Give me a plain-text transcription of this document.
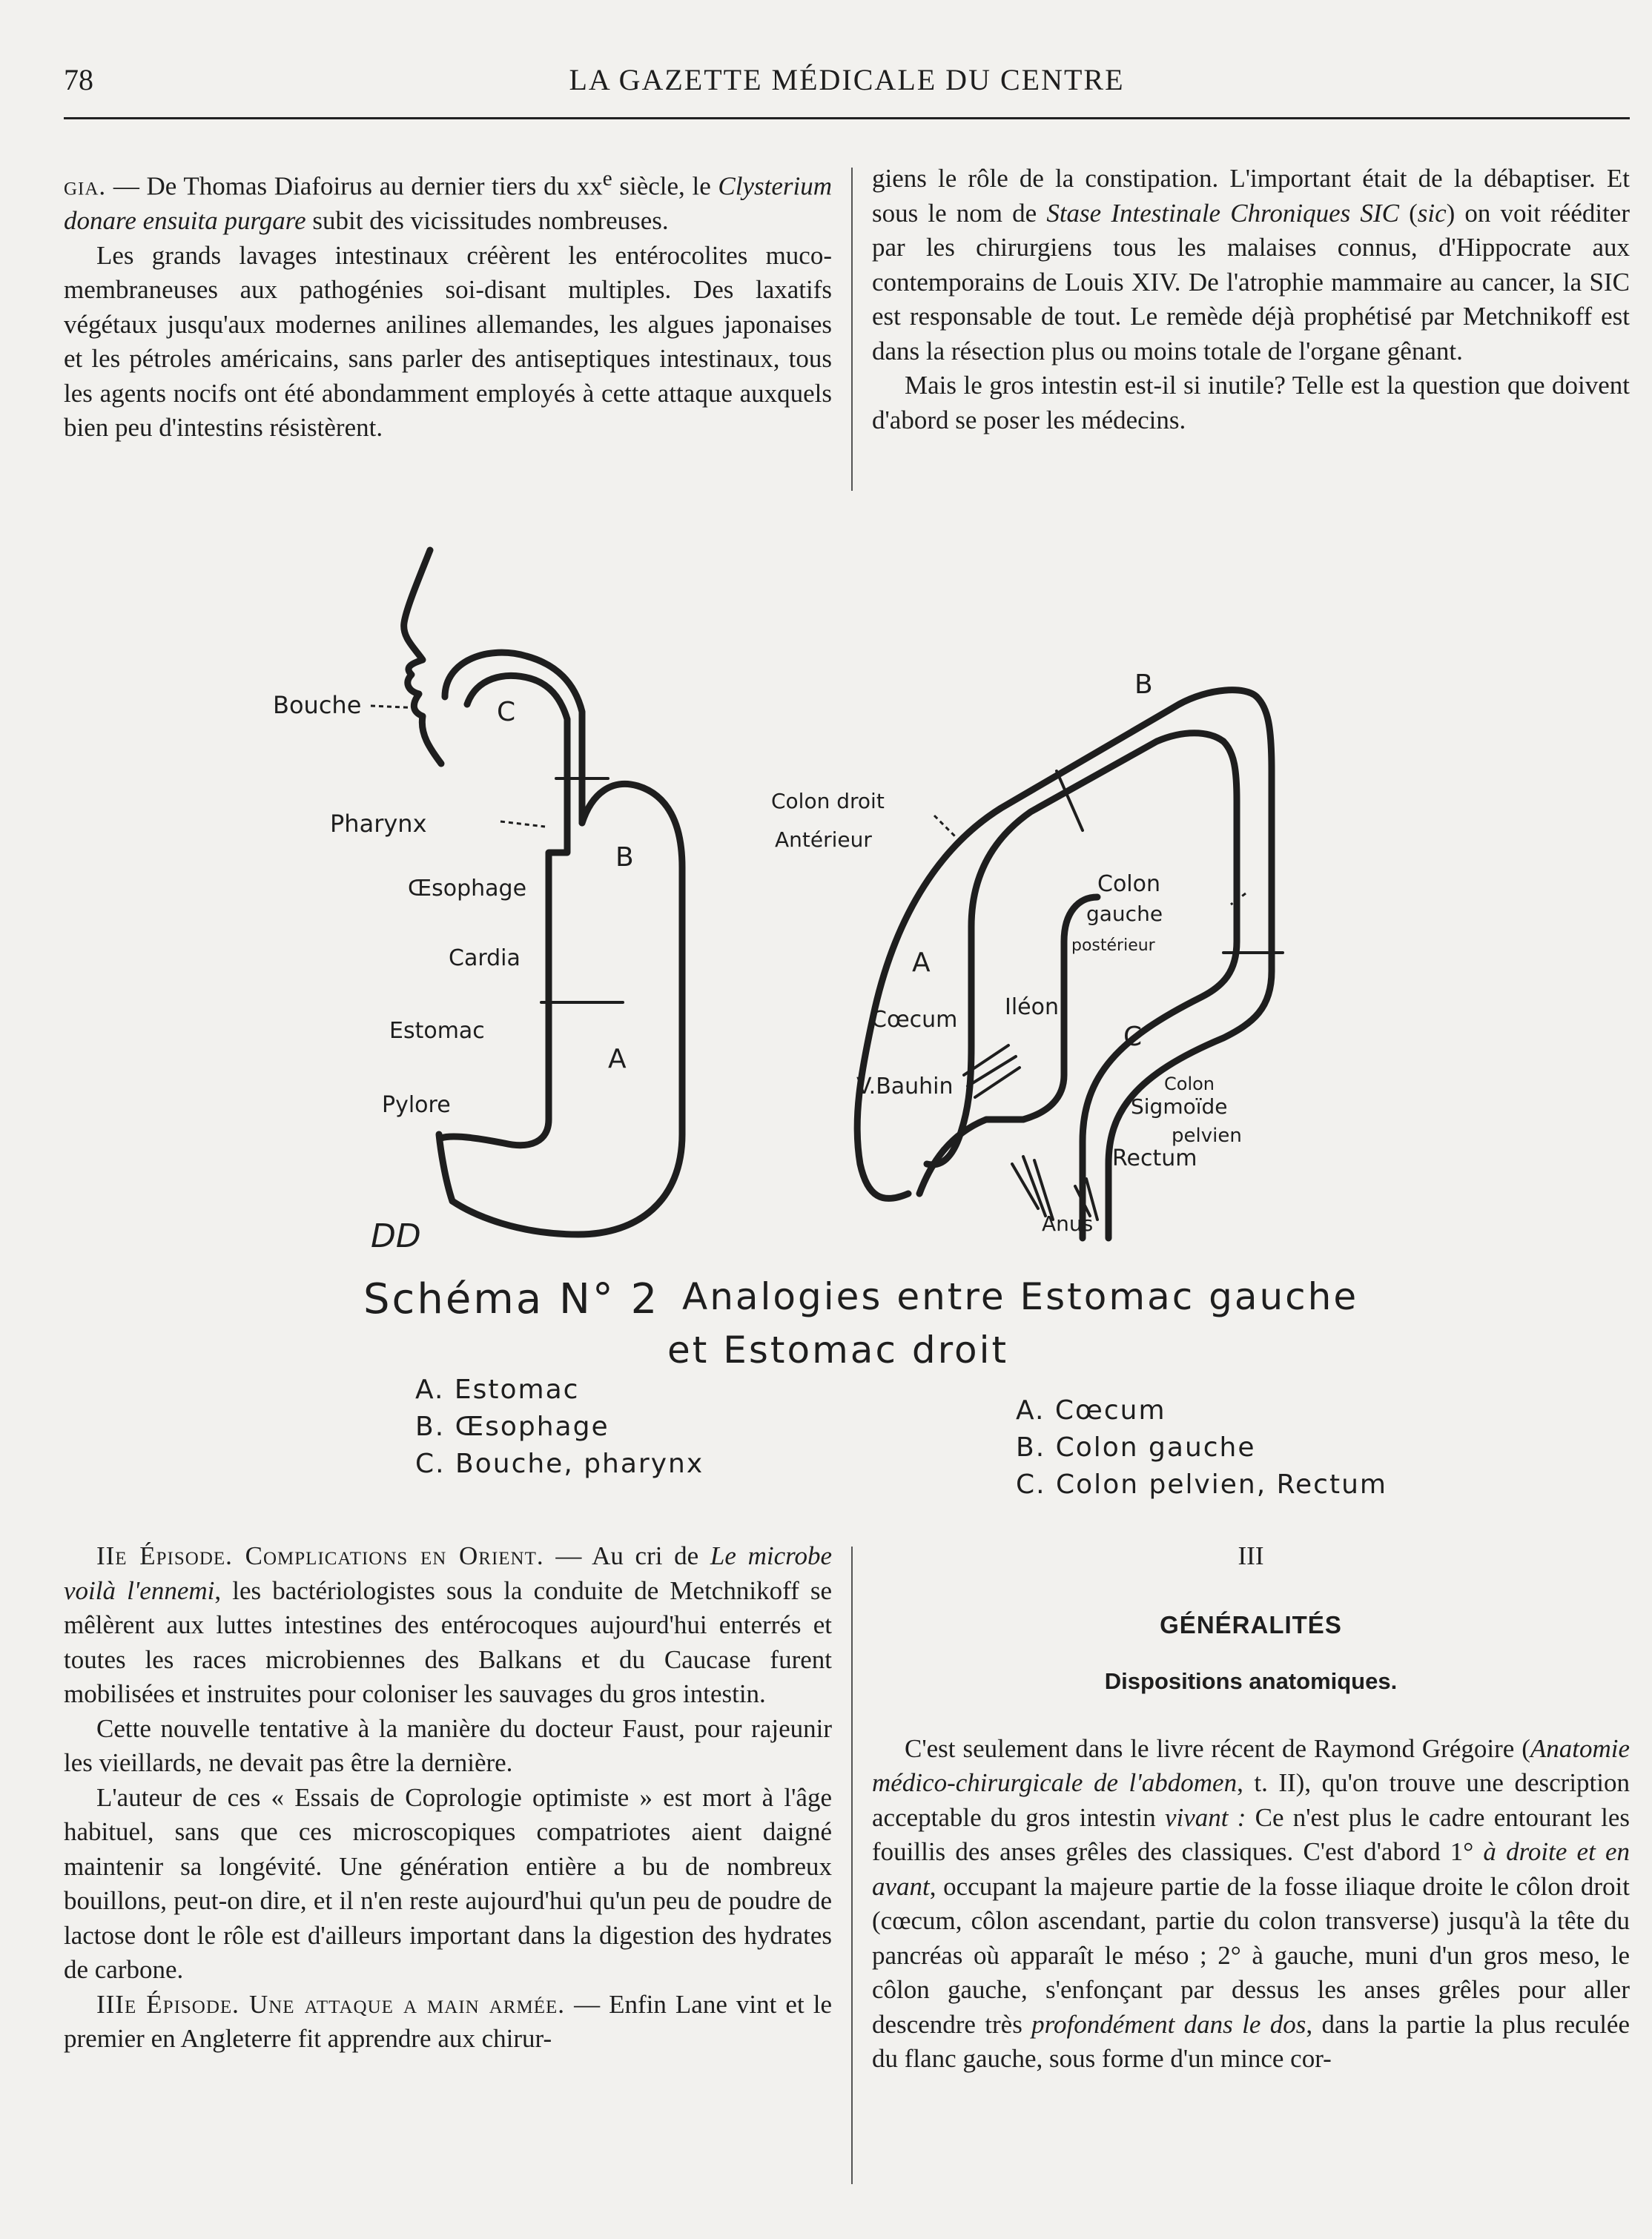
78	LA GAZETTE MÉDICALE DU CENTRE

gia. — De Thomas Diafoirus au dernier tiers du $xx^e$ siècle, le Clysterium donare ensuita purgare subit des vicissitudes nombreuses.

Les grands lavages intestinaux créèrent les entérocolites muco-membraneuses aux pathogénies soi-disant multiples. Des laxatifs végétaux jusqu'aux modernes anilines allemandes, les algues japonaises et les pétroles américains, sans parler des antiseptiques intestinaux, tous les agents nocifs ont été abondamment employés à cette attaque auxquels bien peu d'intestins résistèrent.

giens le rôle de la constipation. L'important était de la débaptiser. Et sous le nom de Stase Intestinale Chroniques SIC (sic) on voit rééditer par les chirurgiens tous les malaises connus, d'Hippocrate aux contemporains de Louis XIV. De l'atrophie mammaire au cancer, la SIC est responsable de tout. Le remède déjà prophétisé par Metchnikoff est dans la résection plus ou moins totale de l'organe gênant.

Mais le gros intestin est-il si inutile? Telle est la question que doivent d'abord se poser les médecins.

Bouche
Pharynx
Œsophage
Cardia
Estomac
Pylore
A
B
C
Colon droit
Antérieur
Colon
gauche
postérieur
Iléon
Cœcum
V.Bauhin	Colon
Sigmoïde
pelvien
Rectum
Anus
A
B
C
DD
Schéma N° 2 Analogies entre Estomac gauche
et Estomac droit
A. Estomac
B. Œsophage
C. Bouche, pharynx
A. Cœcum
B. Colon gauche
C. Colon pelvien, Rectum

IIe Épisode. Complications en Orient. — Au cri de Le microbe voilà l'ennemi, les bactériologistes sous la conduite de Metchnikoff se mêlèrent aux luttes intestines des entérocoques aujourd'hui enterrés et toutes les races microbiennes des Balkans et du Caucase furent mobilisées et instruites pour coloniser les sauvages du gros intestin.

Cette nouvelle tentative à la manière du docteur Faust, pour rajeunir les vieillards, ne devait pas être la dernière.

L'auteur de ces « Essais de Coprologie optimiste » est mort à l'âge habituel, sans que ces microscopiques compatriotes aient daigné maintenir sa longévité. Une génération entière a bu de nombreux bouillons, peut-on dire, et il n'en reste aujourd'hui qu'un peu de poudre de lactose dont le rôle est d'ailleurs important dans la digestion des hydrates de carbone.

IIIe Épisode. Une attaque a main armée. — Enfin Lane vint et le premier en Angleterre fit apprendre aux chirur-

III

GÉNÉRALITÉS

Dispositions anatomiques.

C'est seulement dans le livre récent de Raymond Grégoire (Anatomie médico-chirurgicale de l'abdomen, t. II), qu'on trouve une description acceptable du gros intestin vivant : Ce n'est plus le cadre entourant les fouillis des anses grêles des classiques. C'est d'abord 1° à droite et en avant, occupant la majeure partie de la fosse iliaque droite le côlon droit (cœcum, côlon ascendant, partie du colon transverse) jusqu'à la tête du pancréas où apparaît le méso ; 2° à gauche, muni d'un gros meso, le côlon gauche, s'enfonçant par dessus les anses grêles pour aller descendre très profondément dans le dos, dans la partie la plus reculée du flanc gauche, sous forme d'un mince cor-
